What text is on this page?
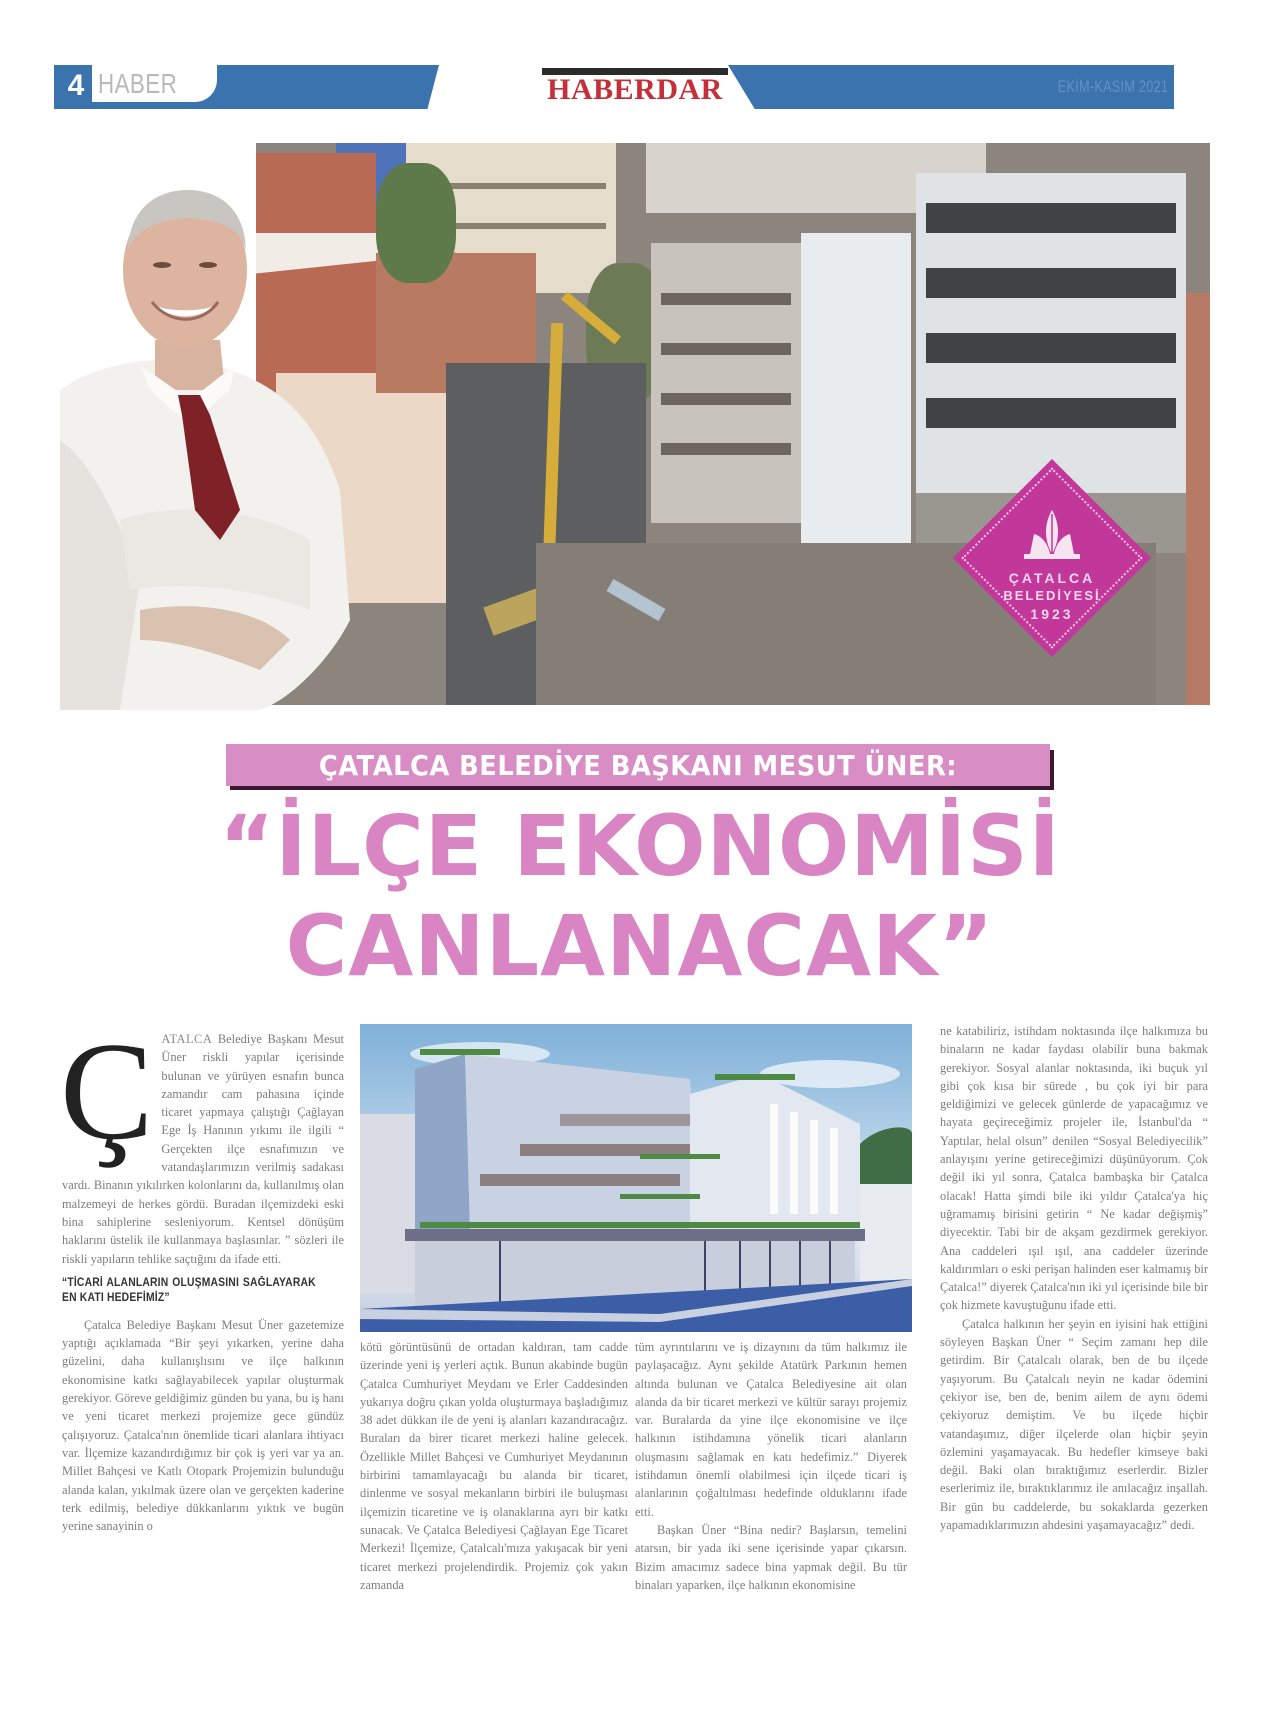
4 HABER	HABERDAR	EKİM-KASIM 2021
ÇATALCA
BELEDİYESİ
1923
ÇATALCA BELEDİYE BAŞKANI MESUT ÜNER:
“İLÇE EKONOMİSİ
CANLANACAK”

Ç ATALCA Belediye Başkanı Mesut Üner riskli yapılar içerisinde bulunan ve yürüyen esnafın bunca zamandır cam pahasına içinde ticaret yapmaya çalıştığı Çağlayan Ege İş Hanının yıkımı ile ilgili “ Gerçekten ilçe esnafımızın ve vatandaşlarımızın verilmiş sadakası vardı. Binanın yıkılırken kolonlarını da, kullanılmış olan malzemeyi de herkes gördü. Buradan ilçemizdeki eski bina sahiplerine sesleniyorum. Kentsel dönüşüm haklarını üstelik ile kullanmaya başlasınlar. ” sözleri ile riskli yapıların tehlike saçtığını da ifade etti.

“TİCARİ ALANLARIN OLUŞMASINI SAĞLAYARAK EN KATI HEDEFİMİZ”

Çatalca Belediye Başkanı Mesut Üner gazetemize yaptığı açıklamada “Bir şeyi yıkarken, yerine daha güzelini, daha kullanışlısını ve ilçe halkının ekonomisine katkı sağlayabilecek yapılar oluşturmak gerekiyor. Göreve geldiğimiz günden bu yana, bu iş hanı ve yeni ticaret merkezi projemize gece gündüz çalışıyoruz. Çatalca'nın önemlide ticari alanlara ihtiyacı var. İlçemize kazandırdığımız bir çok iş yeri var ya an. Millet Bahçesi ve Katlı Otopark Projemizin bulunduğu alanda kalan, yıkılmak üzere olan ve gerçekten kaderine terk edilmiş, belediye dükkanlarını yıktık ve bugün yerine sanayinin o

kötü görüntüsünü de ortadan kaldıran, tam cadde üzerinde yeni iş yerleri açtık. Bunun akabinde bugün Çatalca Cumhuriyet Meydanı ve Erler Caddesinden yukarıya doğru çıkan yolda oluşturmaya başladığımız 38 adet dükkan ile de yeni iş alanları kazandıracağız. Buraları da birer ticaret merkezi haline gelecek. Özellikle Millet Bahçesi ve Cumhuriyet Meydanının birbirini tamamlayacağı bu alanda bir ticaret, dinlenme ve sosyal mekanların birbiri ile buluşması ilçemizin ticaretine ve iş olanaklarına ayrı bir katkı sunacak. Ve Çatalca Belediyesi Çağlayan Ege Ticaret Merkezi! İlçemize, Çatalcalı'mıza yakışacak bir yeni ticaret merkezi projelendirdik. Projemiz çok yakın zamanda

tüm ayrıntılarını ve iş dizaynını da tüm halkımız ile paylaşacağız. Aynı şekilde Atatürk Parkının hemen altında bulunan ve Çatalca Belediyesine ait olan alanda da bir ticaret merkezi ve kültür sarayı projemiz var. Buralarda da yine ilçe ekonomisine ve ilçe halkının istihdamına yönelik ticari alanların oluşmasını sağlamak en katı hedefimiz.” Diyerek istihdamın önemli olabilmesi için ilçede ticari iş alanlarının çoğaltılması hedefinde olduklarını ifade etti.

Başkan Üner “Bina nedir? Başlarsın, temelini atarsın, bir yada iki sene içerisinde yapar çıkarsın. Bizim amacımız sadece bina yapmak değil. Bu tür binaları yaparken, ilçe halkının ekonomisine

ne katabiliriz, istihdam noktasında ilçe halkımıza bu binaların ne kadar faydası olabilir buna bakmak gerekiyor. Sosyal alanlar noktasında, iki buçuk yıl gibi çok kısa bir sürede , bu çok iyi bir para geldiğimizi ve gelecek günlerde de yapacağımız ve hayata geçireceğimiz projeler ile, İstanbul'da “ Yaptılar, helal olsun” denilen “Sosyal Belediyecilik” anlayışını yerine getireceğimizi düşünüyorum. Çok değil iki yıl sonra, Çatalca bambaşka bir Çatalca olacak! Hatta şimdi bile iki yıldır Çatalca'ya hiç uğramamış birisini getirin “ Ne kadar değişmiş” diyecektir. Tabi bir de akşam gezdirmek gerekiyor. Ana caddeleri ışıl ışıl, ana caddeler üzerinde kaldırımları o eski perişan halinden eser kalmamış bir Çatalca!” diyerek Çatalca'nın iki yıl içerisinde bile bir çok hizmete kavuştuğunu ifade etti.

Çatalca halkının her şeyin en iyisini hak ettiğini söyleyen Başkan Üner “ Seçim zamanı hep dile getirdim. Bir Çatalcalı olarak, ben de bu ilçede yaşıyorum. Bu Çatalcalı neyin ne kadar ödemini çekiyor ise, ben de, benim ailem de aynı ödemi çekiyoruz demiştim. Ve bu ilçede hiçbir vatandaşımız, diğer ilçelerde olan hiçbir şeyin özlemini yaşamayacak. Bu hedefler kimseye baki değil. Baki olan bıraktığımız eserlerdir. Bizler eserlerimiz ile, bıraktıklarımız ile anılacağız inşallah. Bir gün bu caddelerde, bu sokaklarda gezerken yapamadıklarımızın ahdesini yaşamayacağız” dedi.
